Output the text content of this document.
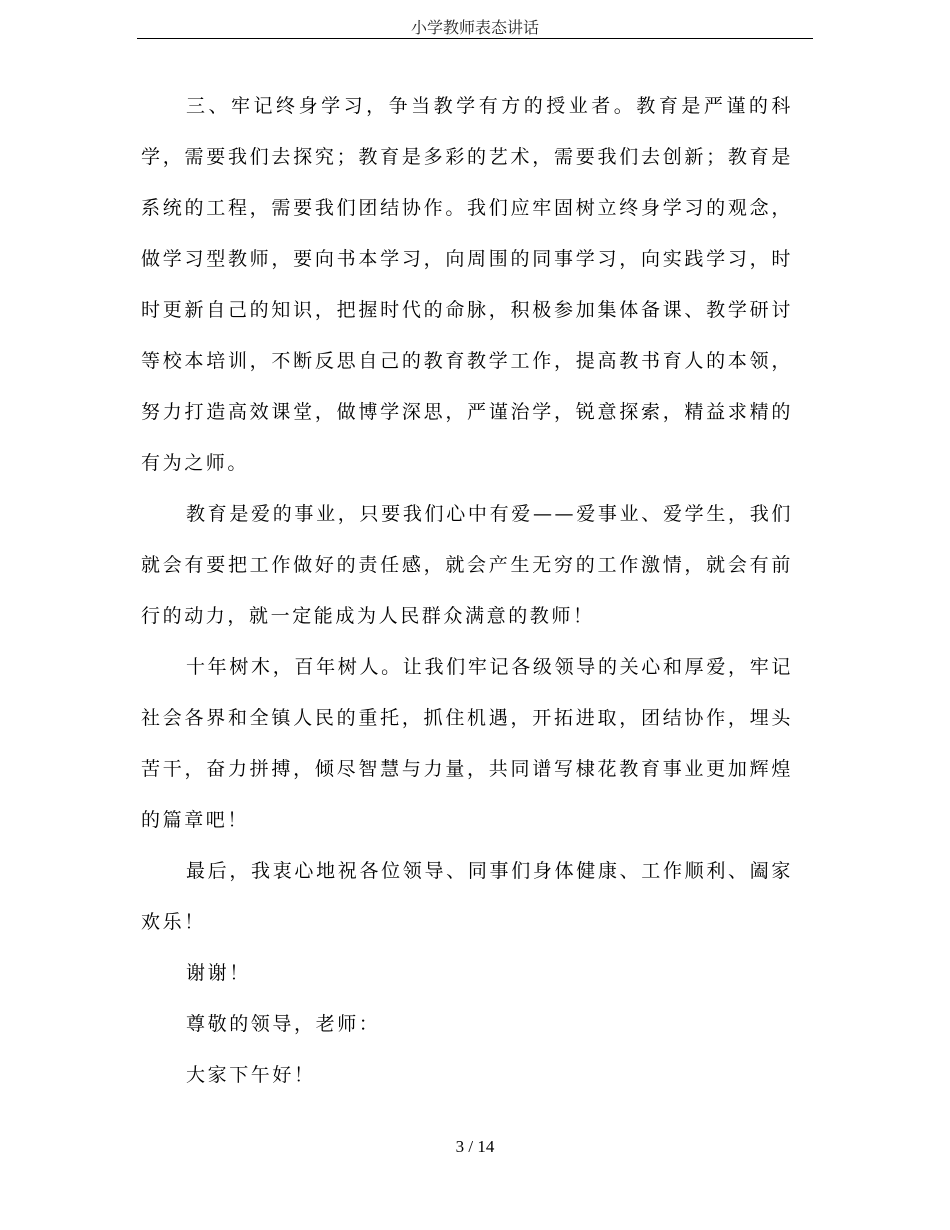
小学教师表态讲话

三、牢记终身学习，争当教学有方的授业者。教育是严谨的科学，需要我们去探究；教育是多彩的艺术，需要我们去创新；教育是系统的工程，需要我们团结协作。我们应牢固树立终身学习的观念，做学习型教师，要向书本学习，向周围的同事学习，向实践学习，时时更新自己的知识，把握时代的命脉，积极参加集体备课、教学研讨等校本培训，不断反思自己的教育教学工作，提高教书育人的本领，努力打造高效课堂，做博学深思，严谨治学，锐意探索，精益求精的有为之师。

教育是爱的事业，只要我们心中有爱——爱事业、爱学生，我们就会有要把工作做好的责任感，就会产生无穷的工作激情，就会有前行的动力，就一定能成为人民群众满意的教师！

十年树木，百年树人。让我们牢记各级领导的关心和厚爱，牢记社会各界和全镇人民的重托，抓住机遇，开拓进取，团结协作，埋头苦干，奋力拼搏，倾尽智慧与力量，共同谱写棣花教育事业更加辉煌的篇章吧！

最后，我衷心地祝各位领导、同事们身体健康、工作顺利、阖家欢乐！

谢谢！

尊敬的领导，老师：

大家下午好！

3 / 14
